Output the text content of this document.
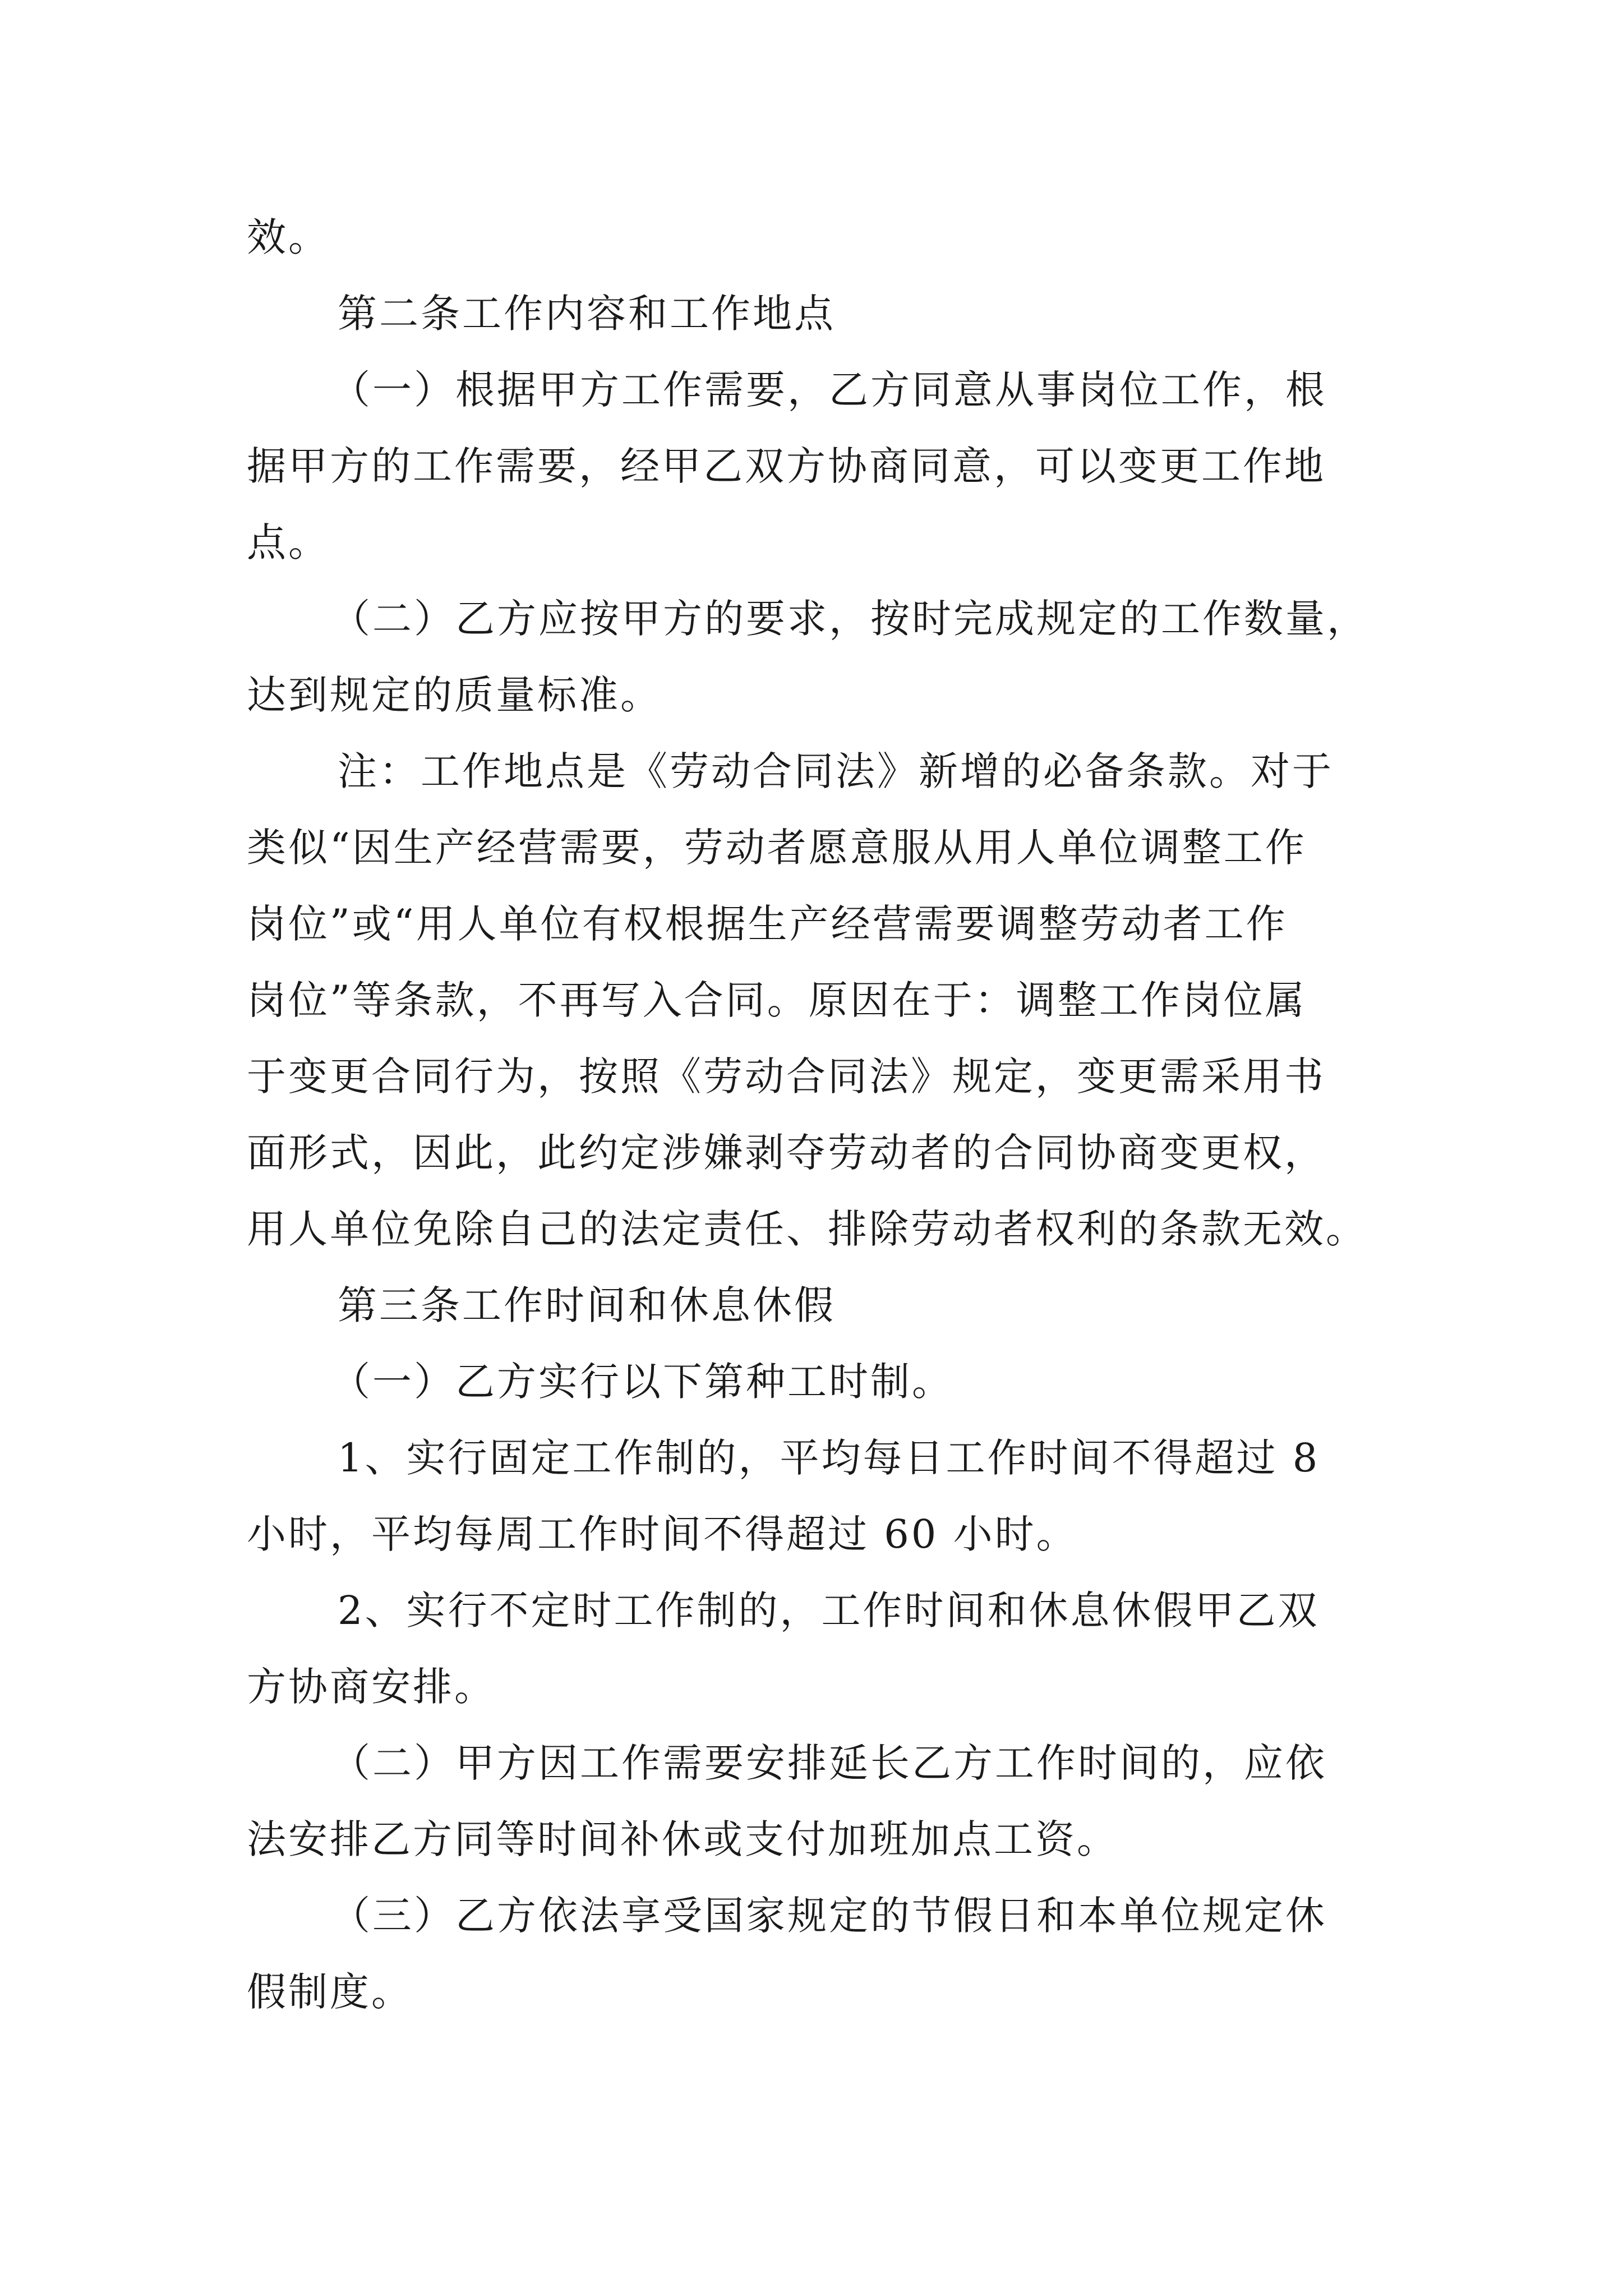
效。
第二条工作内容和工作地点
（一）根据甲方工作需要，乙方同意从事岗位工作，根
据甲方的工作需要，经甲乙双方协商同意，可以变更工作地
点。
（二）乙方应按甲方的要求，按时完成规定的工作数量，
达到规定的质量标准。
注：工作地点是《劳动合同法》新增的必备条款。对于
类似“因生产经营需要，劳动者愿意服从用人单位调整工作
岗位”或“用人单位有权根据生产经营需要调整劳动者工作
岗位”等条款，不再写入合同。原因在于：调整工作岗位属
于变更合同行为，按照《劳动合同法》规定，变更需采用书
面形式，因此，此约定涉嫌剥夺劳动者的合同协商变更权，
用人单位免除自己的法定责任、排除劳动者权利的条款无效。
第三条工作时间和休息休假
（一）乙方实行以下第种工时制。
1、实行固定工作制的，平均每日工作时间不得超过 8
小时，平均每周工作时间不得超过 60 小时。
2、实行不定时工作制的，工作时间和休息休假甲乙双
方协商安排。
（二）甲方因工作需要安排延长乙方工作时间的，应依
法安排乙方同等时间补休或支付加班加点工资。
（三）乙方依法享受国家规定的节假日和本单位规定休
假制度。
